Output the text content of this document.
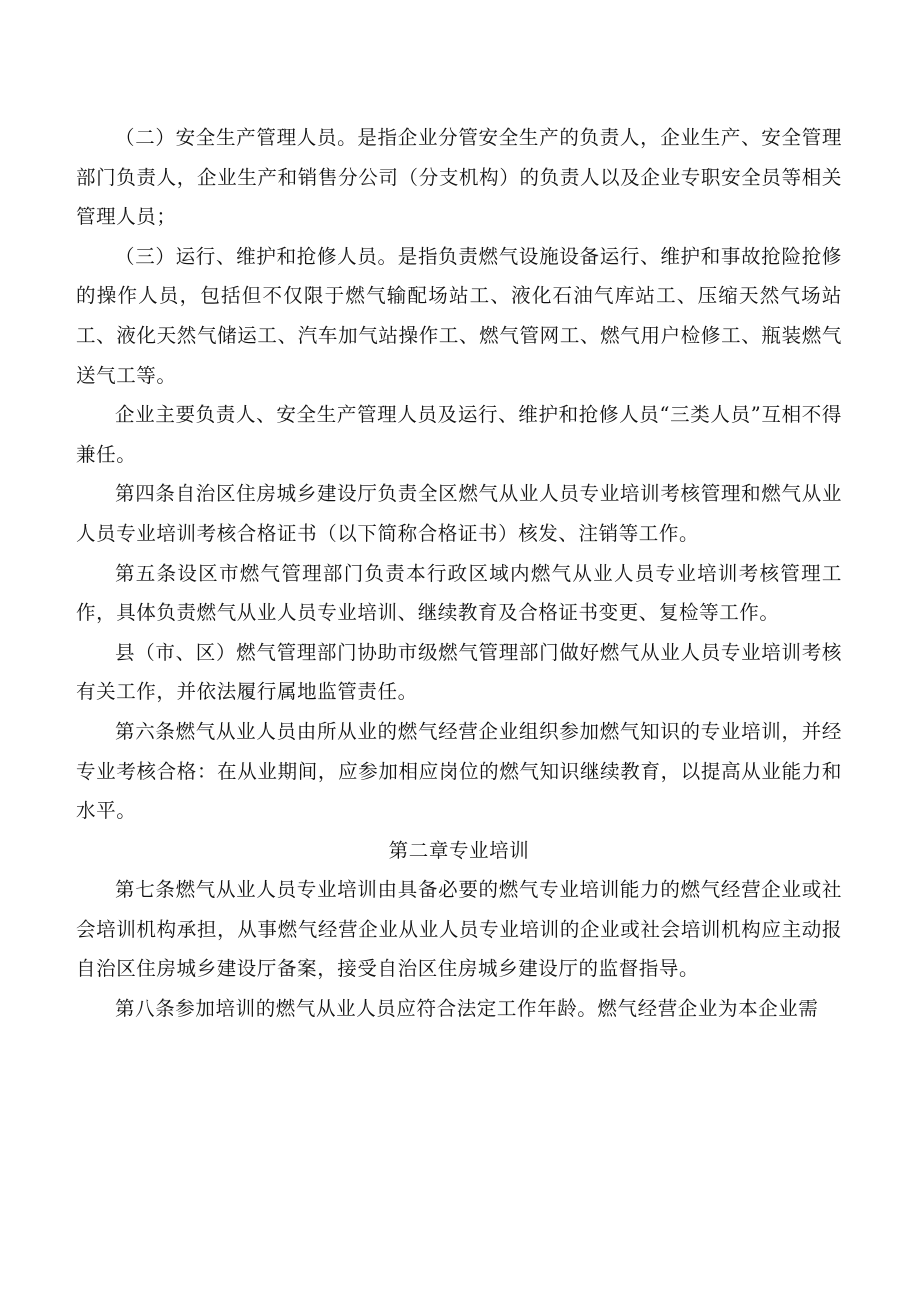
（二）安全生产管理人员。是指企业分管安全生产的负责人，企业生产、安全管理部门负责人，企业生产和销售分公司（分支机构）的负责人以及企业专职安全员等相关管理人员；

（三）运行、维护和抢修人员。是指负责燃气设施设备运行、维护和事故抢险抢修的操作人员，包括但不仅限于燃气输配场站工、液化石油气库站工、压缩天然气场站工、液化天然气储运工、汽车加气站操作工、燃气管网工、燃气用户检修工、瓶装燃气送气工等。

企业主要负责人、安全生产管理人员及运行、维护和抢修人员“三类人员”互相不得兼任。

第四条自治区住房城乡建设厅负责全区燃气从业人员专业培训考核管理和燃气从业人员专业培训考核合格证书（以下简称合格证书）核发、注销等工作。

第五条设区市燃气管理部门负责本行政区域内燃气从业人员专业培训考核管理工作，具体负责燃气从业人员专业培训、继续教育及合格证书变更、复检等工作。

县（市、区）燃气管理部门协助市级燃气管理部门做好燃气从业人员专业培训考核有关工作，并依法履行属地监管责任。

第六条燃气从业人员由所从业的燃气经营企业组织参加燃气知识的专业培训，并经专业考核合格：在从业期间，应参加相应岗位的燃气知识继续教育，以提高从业能力和水平。

第二章专业培训

第七条燃气从业人员专业培训由具备必要的燃气专业培训能力的燃气经营企业或社会培训机构承担，从事燃气经营企业从业人员专业培训的企业或社会培训机构应主动报自治区住房城乡建设厅备案，接受自治区住房城乡建设厅的监督指导。

第八条参加培训的燃气从业人员应符合法定工作年龄。燃气经营企业为本企业需
